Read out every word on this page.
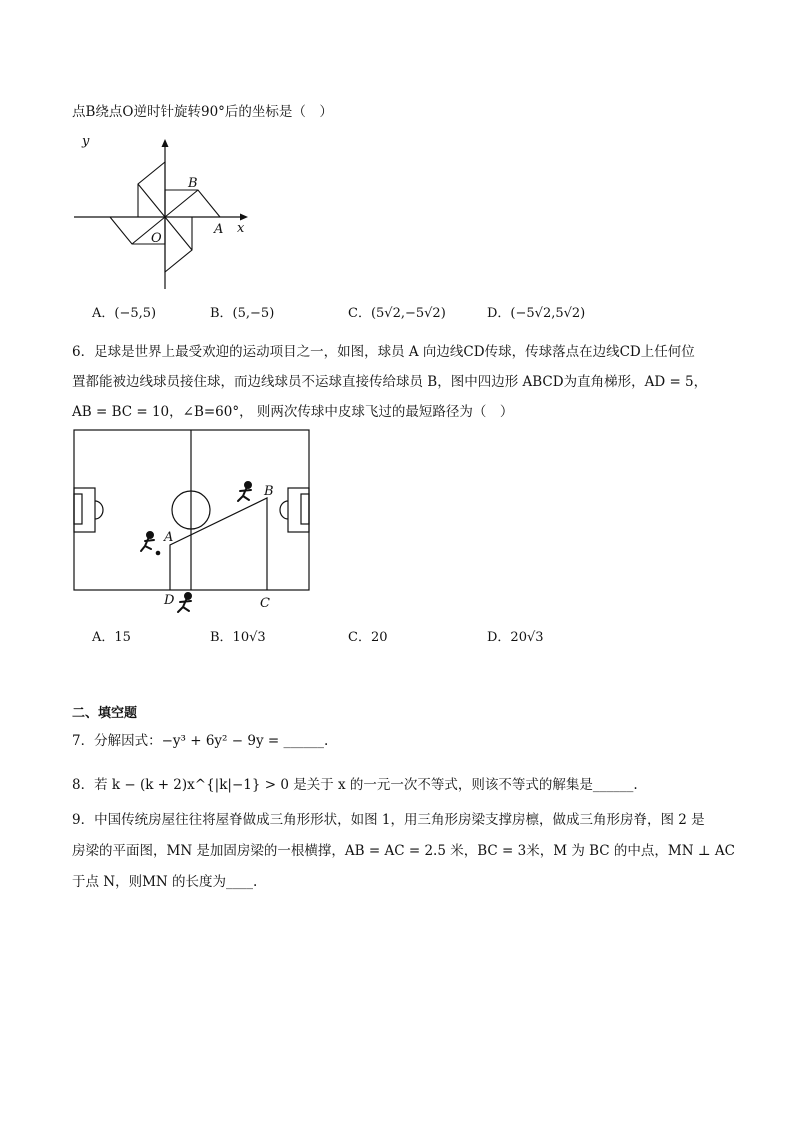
点B绕点O逆时针旋转90°后的坐标是（　）
y
x
B
O
A
A．(−5,5)	B．(5,−5)	C．(5√2,−5√2)	D．(−5√2,5√2)
6．足球是世界上最受欢迎的运动项目之一，如图，球员 A 向边线CD传球，传球落点在边线CD上任何位
置都能被边线球员接住球，而边线球员不运球直接传给球员 B，图中四边形 ABCD为直角梯形，AD = 5，
AB = BC = 10，∠B=60°， 则两次传球中皮球飞过的最短路径为（　）
A
B
C
D
A．15	B．10√3	C．20	D．20√3
二、填空题
7．分解因式：−y³ + 6y² − 9y = ______.
8．若 k − (k + 2)x^{|k|−1} > 0 是关于 x 的一元一次不等式，则该不等式的解集是______.
9．中国传统房屋往往将屋脊做成三角形形状，如图 1，用三角形房梁支撑房檩，做成三角形房脊，图 2 是
房梁的平面图，MN 是加固房梁的一根横撑，AB = AC = 2.5 米，BC = 3米，M 为 BC 的中点，MN ⊥ AC
于点 N，则MN 的长度为____.
